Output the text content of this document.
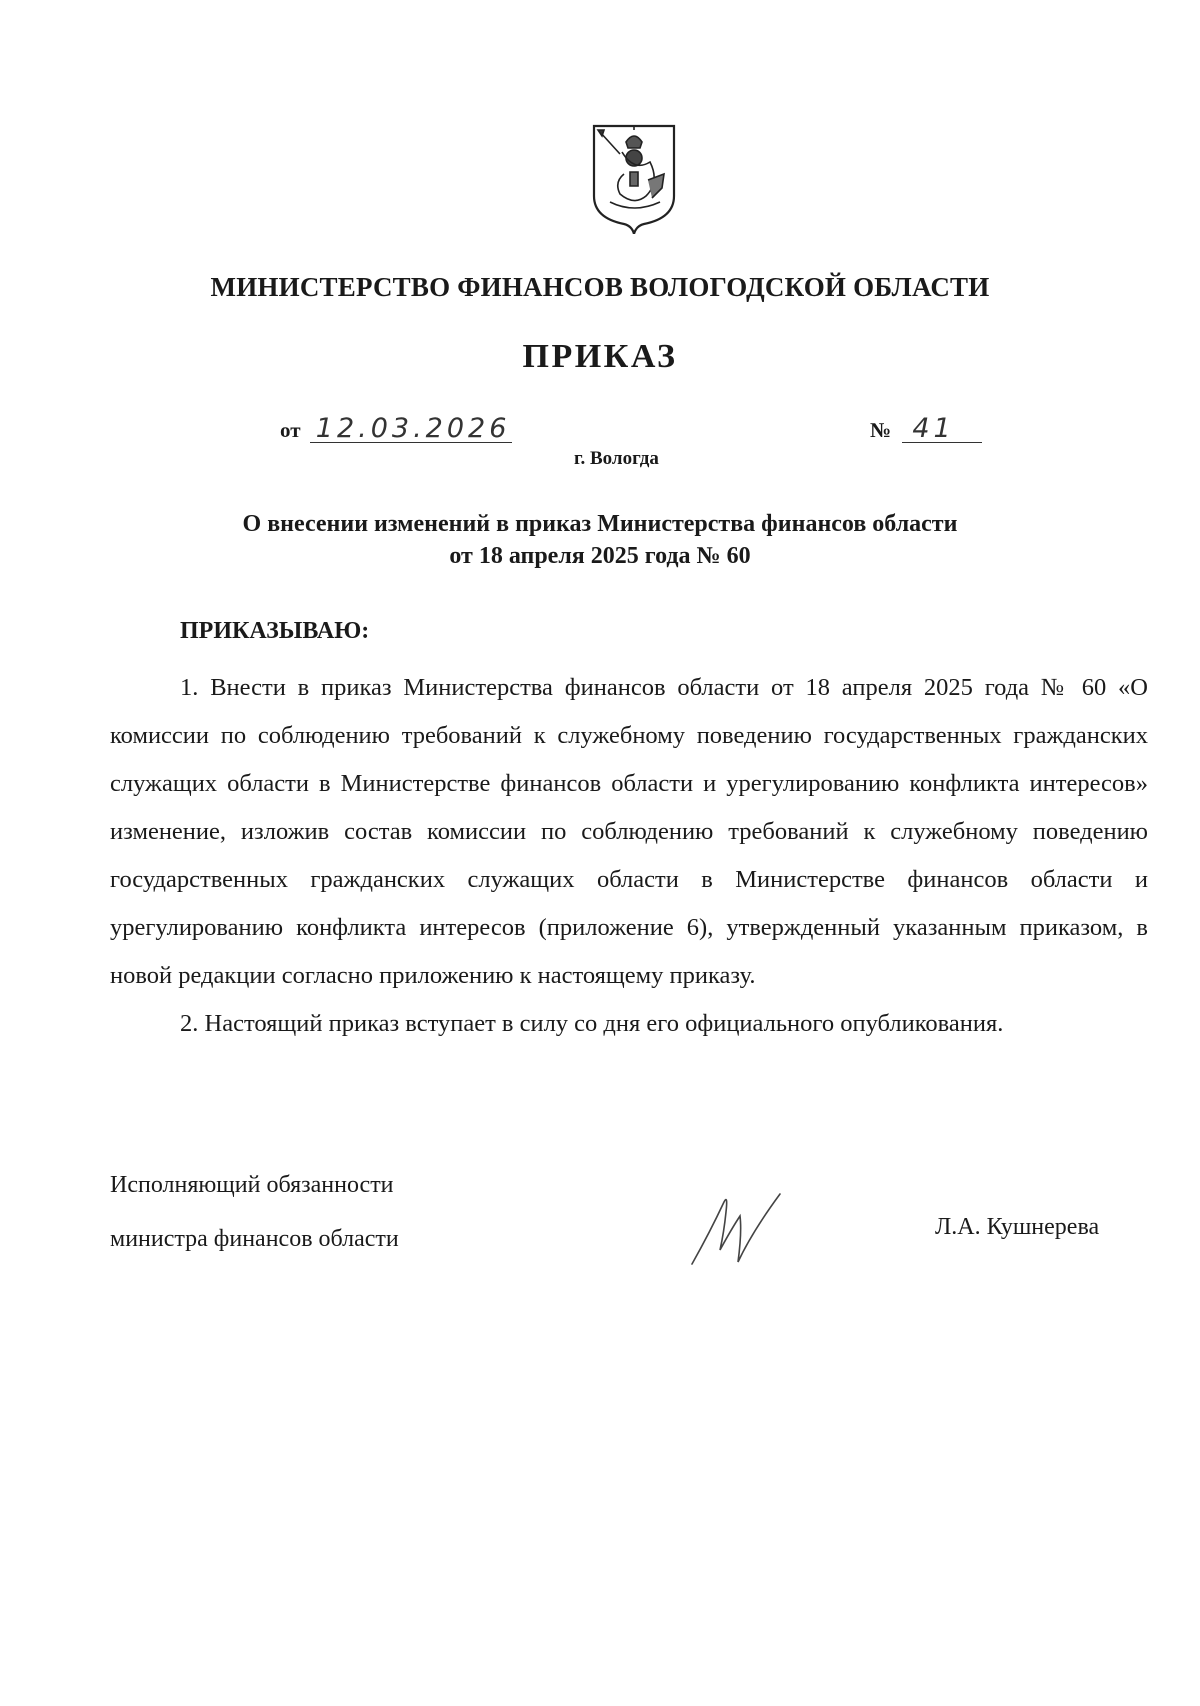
МИНИСТЕРСТВО ФИНАНСОВ ВОЛОГОДСКОЙ ОБЛАСТИ
ПРИКАЗ
от 12.03.2026	№ 41
г. Вологда
О внесении изменений в приказ Министерства финансов области
от 18 апреля 2025 года № 60
ПРИКАЗЫВАЮ:

1. Внести в приказ Министерства финансов области от 18 апреля 2025 года № 60 «О комиссии по соблюдению требований к служебному поведению государственных гражданских служащих области в Министерстве финансов области и урегулированию конфликта интересов» изменение, изложив состав комиссии по соблюдению требований к служебному поведению государственных гражданских служащих области в Министерстве финансов области и урегулированию конфликта интересов (приложение 6), утвержденный указанным приказом, в новой редакции согласно приложению к настоящему приказу.

2. Настоящий приказ вступает в силу со дня его официального опубликования.

Исполняющий обязанности
министра финансов области	Л.А. Кушнерева
